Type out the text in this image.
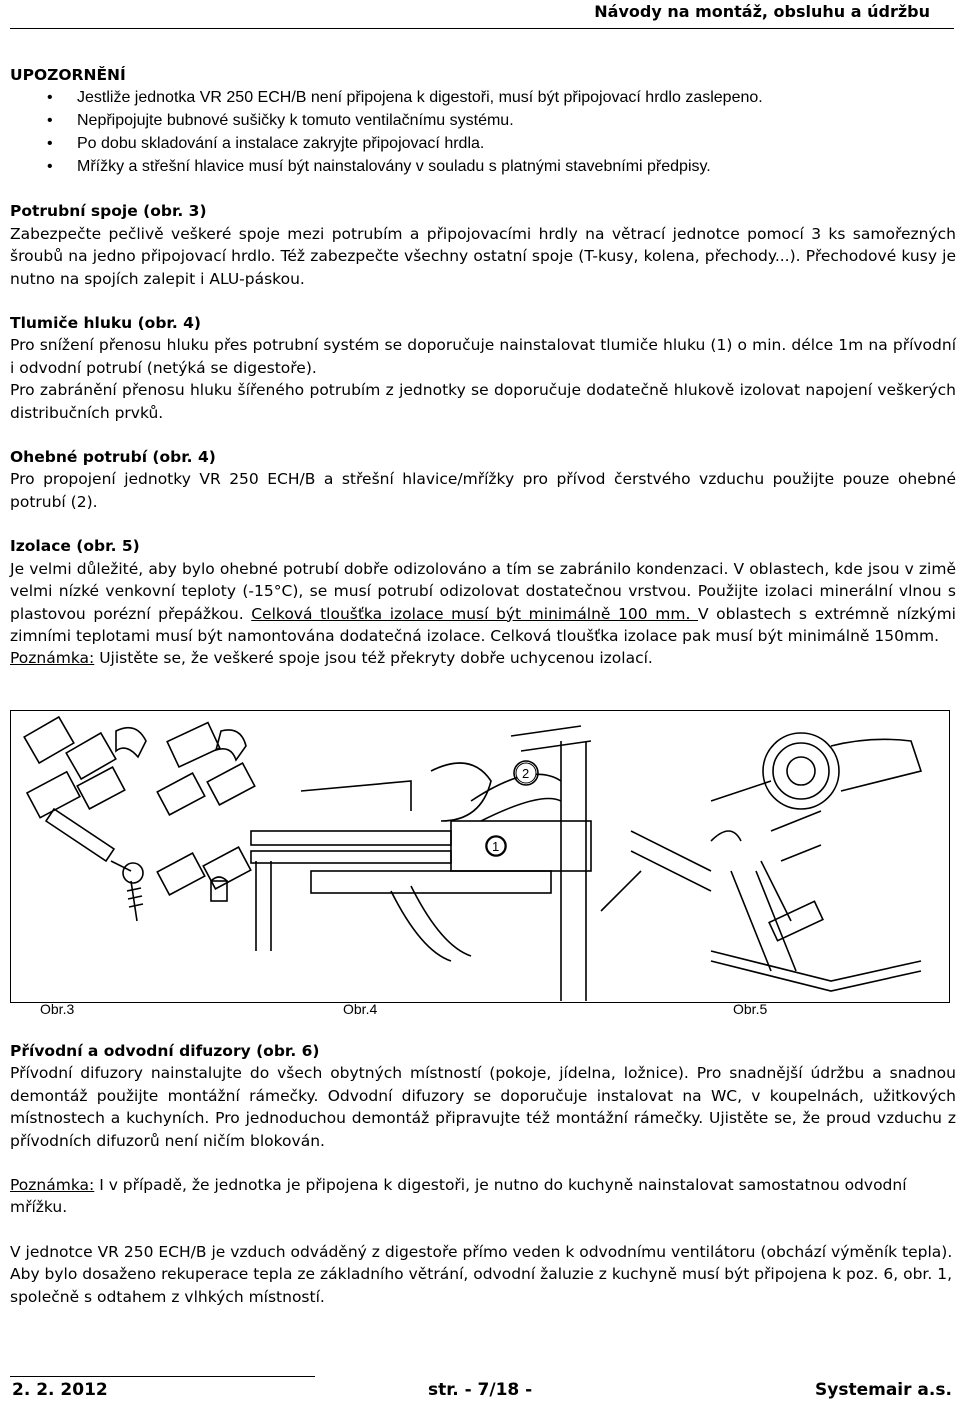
Návody na montáž, obsluhu a údržbu
UPOZORNĚNÍ
• Jestliže jednotka VR 250 ECH/B není připojena k digestoři, musí být připojovací hrdlo zaslepeno.
• Nepřipojujte bubnové sušičky k tomuto ventilačnímu systému.
• Po dobu skladování a instalace zakryjte připojovací hrdla.
• Mřížky a střešní hlavice musí být nainstalovány v souladu s platnými stavebními předpisy.
Potrubní spoje (obr. 3)
Zabezpečte pečlivě veškeré spoje mezi potrubím a připojovacími hrdly na větrací jednotce pomocí 3 ks samořezných šroubů na jedno připojovací hrdlo. Též zabezpečte všechny ostatní spoje (T-kusy, kolena, přechody...). Přechodové kusy je nutno na spojích zalepit i ALU-páskou.
Tlumiče hluku (obr. 4)
Pro snížení přenosu hluku přes potrubní systém se doporučuje nainstalovat tlumiče hluku (1) o min. délce 1m na přívodní i odvodní potrubí (netýká se digestoře).
Pro zabránění přenosu hluku šířeného potrubím z jednotky se doporučuje dodatečně hlukově izolovat napojení veškerých distribučních prvků.
Ohebné potrubí (obr. 4)
Pro propojení jednotky VR 250 ECH/B a střešní hlavice/mřížky pro přívod čerstvého vzduchu použijte pouze ohebné potrubí (2).
Izolace (obr. 5)
Je velmi důležité, aby bylo ohebné potrubí dobře odizolováno a tím se zabránilo kondenzaci. V oblastech, kde jsou v zimě velmi nízké venkovní teploty (-15°C), se musí potrubí odizolovat dostatečnou vrstvou. Použijte izolaci minerální vlnou s plastovou porézní přepážkou. Celková tloušťka izolace musí být minimálně 100 mm. V oblastech s extrémně nízkými zimními teplotami musí být namontována dodatečná izolace. Celková tloušťka izolace pak musí být minimálně 150mm.
Poznámka: Ujistěte se, že veškeré spoje jsou též překryty dobře uchycenou izolací.
2
1
Obr.3	Obr.4	Obr.5
Přívodní a odvodní difuzory (obr. 6)
Přívodní difuzory nainstalujte do všech obytných místností (pokoje, jídelna, ložnice). Pro snadnější údržbu a snadnou demontáž použijte montážní rámečky. Odvodní difuzory se doporučuje instalovat na WC, v koupelnách, užitkových místnostech a kuchyních. Pro jednoduchou demontáž připravujte též montážní rámečky. Ujistěte se, že proud vzduchu z přívodních difuzorů není ničím blokován.
Poznámka: I v případě, že jednotka je připojena k digestoři, je nutno do kuchyně nainstalovat samostatnou odvodní mřížku.
V jednotce VR 250 ECH/B je vzduch odváděný z digestoře přímo veden k odvodnímu ventilátoru (obchází výměník tepla). Aby bylo dosaženo rekuperace tepla ze základního větrání, odvodní žaluzie z kuchyně musí být připojena k poz. 6, obr. 1, společně s odtahem z vlhkých místností.
2. 2. 2012	str. - 7/18 -	Systemair a.s.
